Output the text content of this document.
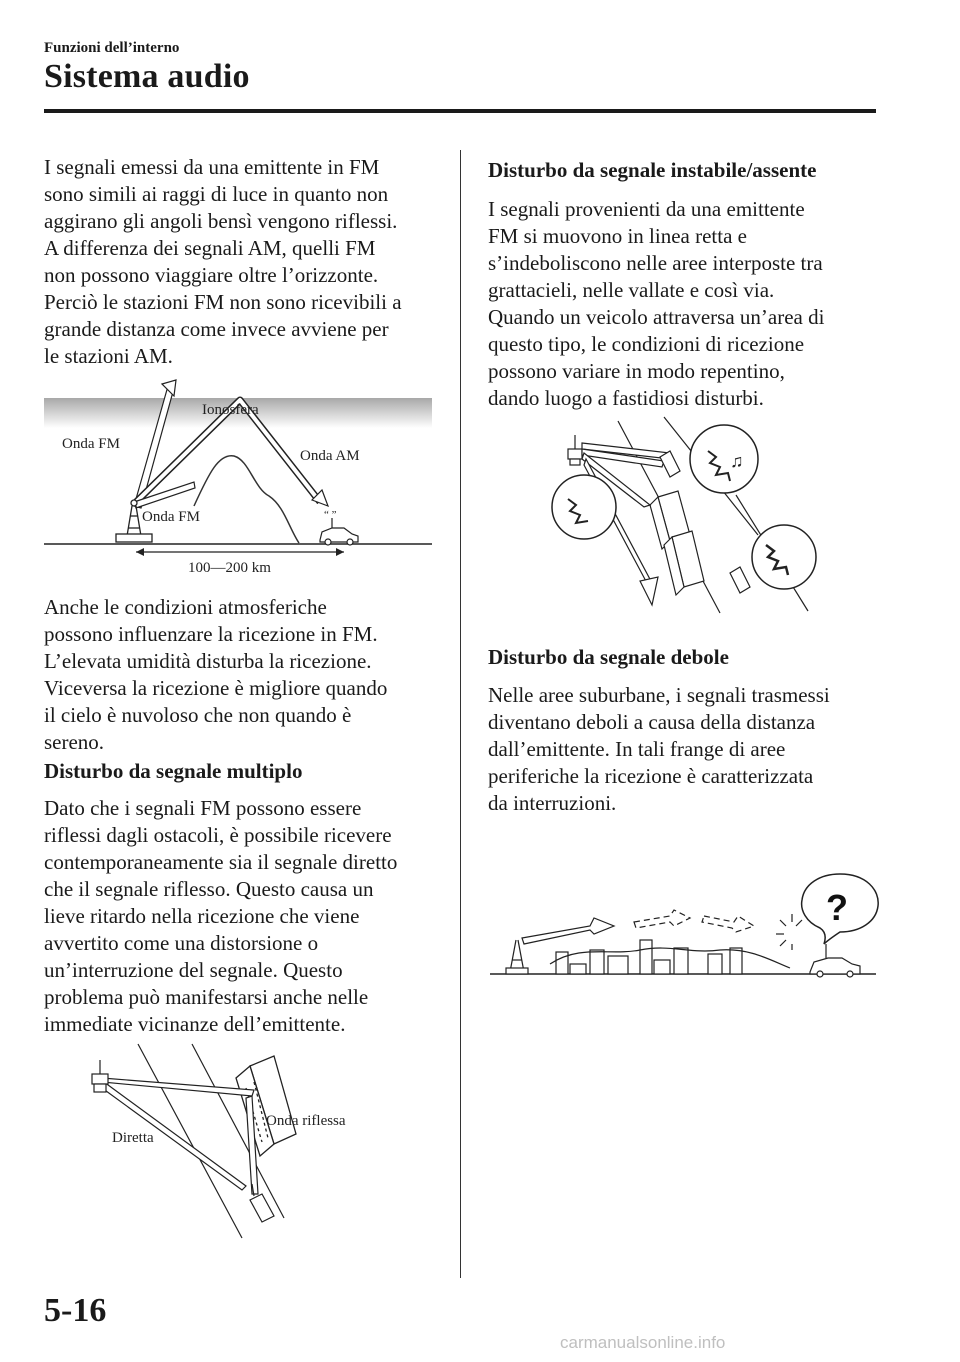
Funzioni dell’interno
Sistema audio

I segnali emessi da una emittente in FM
sono simili ai raggi di luce in quanto non
aggirano gli angoli bensì vengono riflessi.
A differenza dei segnali AM, quelli FM
non possono viaggiare oltre l’orizzonte.
Perciò le stazioni FM non sono ricevibili a
grande distanza come invece avviene per
le stazioni AM.

“ ”
Ionosfera
Onda FM
Onda AM
Onda FM
100—200 km

Anche le condizioni atmosferiche
possono influenzare la ricezione in FM.
L’elevata umidità disturba la ricezione.
Viceversa la ricezione è migliore quando
il cielo è nuvoloso che non quando è
sereno.

Disturbo da segnale multiplo

Dato che i segnali FM possono essere
riflessi dagli ostacoli, è possibile ricevere
contemporaneamente sia il segnale diretto
che il segnale riflesso. Questo causa un
lieve ritardo nella ricezione che viene
avvertito come una distorsione o
un’interruzione del segnale. Questo
problema può manifestarsi anche nelle
immediate vicinanze dell’emittente.

Diretta
Onda riflessa
Disturbo da segnale instabile/assente

I segnali provenienti da una emittente
FM si muovono in linea retta e
s’indeboliscono nelle aree interposte tra
grattacieli, nelle vallate e così via.
Quando un veicolo attraversa un’area di
questo tipo, le condizioni di ricezione
possono variare in modo repentino,
dando luogo a fastidiosi disturbi.

♫
Disturbo da segnale debole

Nelle aree suburbane, i segnali trasmessi
diventano deboli a causa della distanza
dall’emittente. In tali frange di aree
periferiche la ricezione è caratterizzata
da interruzioni.

?
5-16
carmanualsonline.info
